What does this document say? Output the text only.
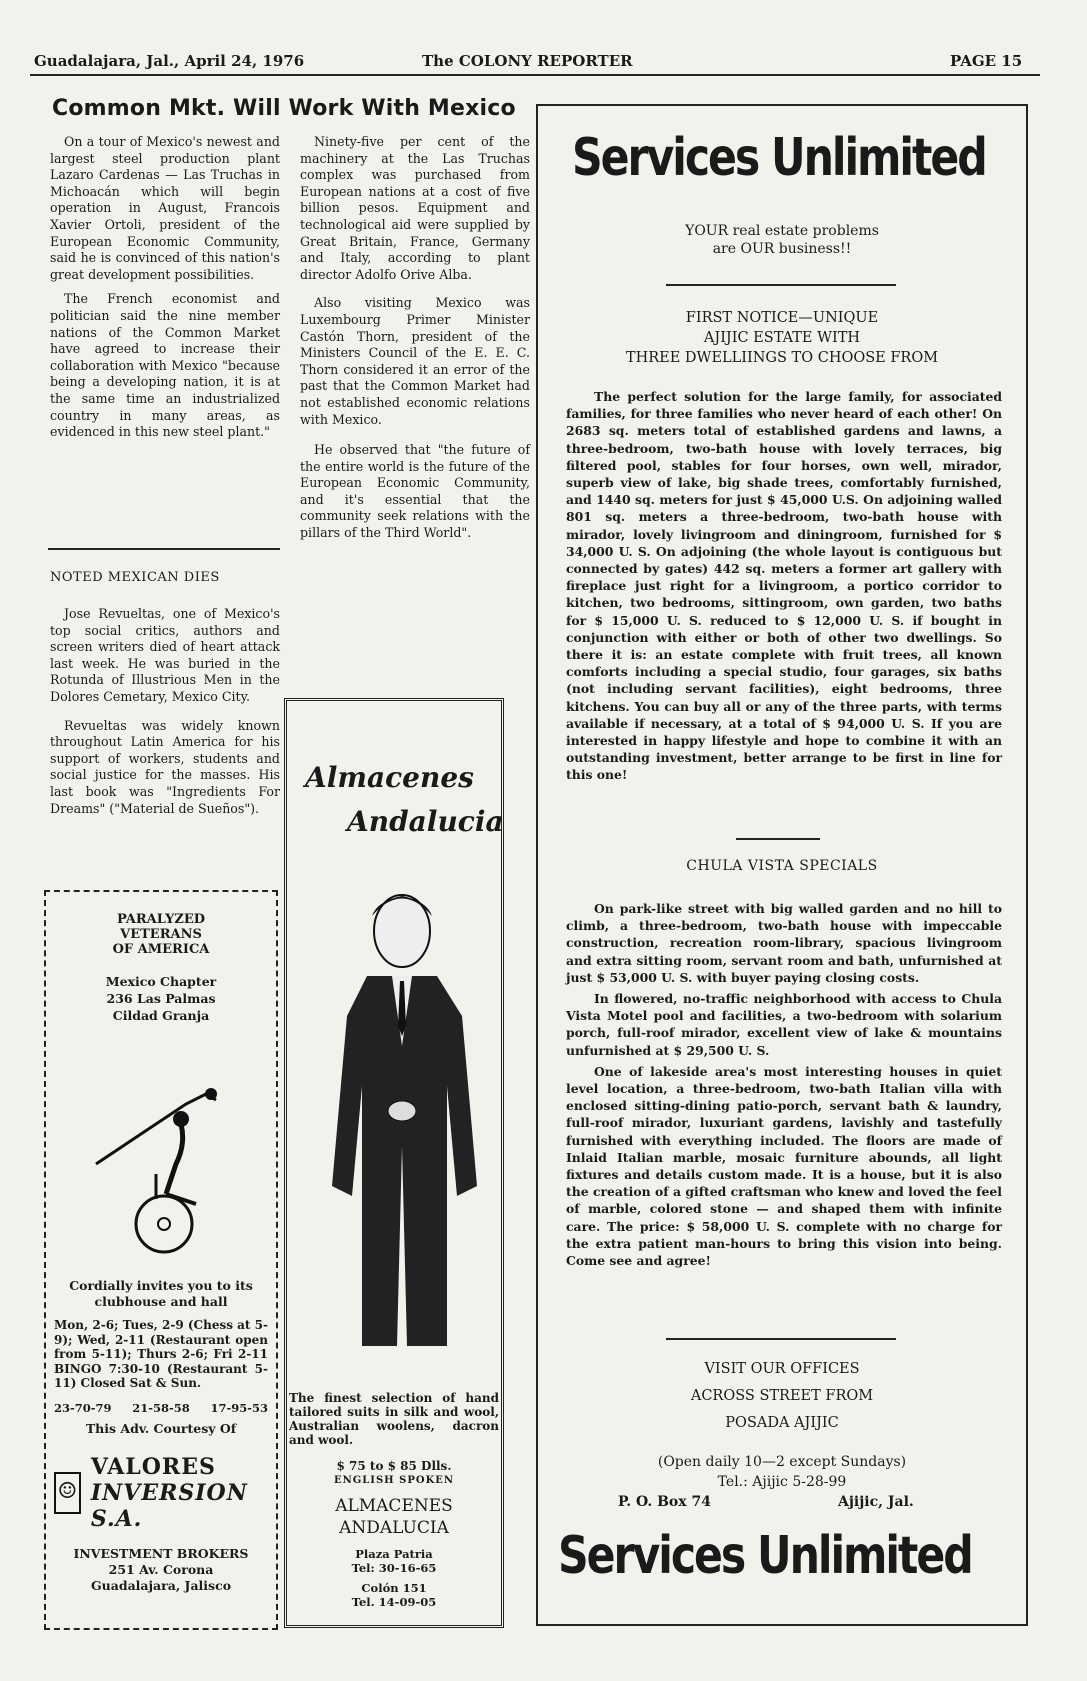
Guadalajara, Jal., April 24, 1976	The COLONY REPORTER	PAGE 15
Common Mkt. Will Work With Mexico

On a tour of Mexico's newest and largest steel production plant Lazaro Cardenas — Las Truchas in Michoacán which will begin operation in August, Francois Xavier Ortoli, president of the European Economic Community, said he is convinced of this nation's great development possibilities.

The French economist and politician said the nine member nations of the Common Market have agreed to increase their collaboration with Mexico "because being a developing nation, it is at the same time an industrialized country in many areas, as evidenced in this new steel plant."

Ninety-five per cent of the machinery at the Las Truchas complex was purchased from European nations at a cost of five billion pesos. Equipment and technological aid were supplied by Great Britain, France, Germany and Italy, according to plant director Adolfo Orive Alba.

Also visiting Mexico was Luxembourg Primer Minister Castón Thorn, president of the Ministers Council of the E. E. C. Thorn considered it an error of the past that the Common Market had not established economic relations with Mexico.

He observed that "the future of the entire world is the future of the European Economic Community, and it's essential that the community seek relations with the pillars of the Third World".

NOTED MEXICAN DIES

Jose Revueltas, one of Mexico's top social critics, authors and screen writers died of heart attack last week. He was buried in the Rotunda of Illustrious Men in the Dolores Cemetary, Mexico City.

Revueltas was widely known throughout Latin America for his support of workers, students and social justice for the masses. His last book was "Ingredients For Dreams" ("Material de Sueños").

PARALYZED
VETERANS
OF AMERICA
Mexico Chapter
236 Las Palmas
Cildad Granja
Cordially invites you to its clubhouse and hall
Mon, 2-6; Tues, 2-9 (Chess at 5-9); Wed, 2-11 (Restaurant open from 5-11); Thurs 2-6; Fri 2-11 BINGO 7:30-10 (Restaurant 5-11) Closed Sat & Sun.
23-70-79 21-58-58 17-95-53
This Adv. Courtesy Of
☺
VALORES
INVERSION S.A.
INVESTMENT BROKERS
251 Av. Corona
Guadalajara, Jalisco
Almacenes
Andalucia
The finest selection of hand tailored suits in silk and wool, Australian woolens, dacron and wool.
$ 75 to $ 85 Dlls.
ENGLISH SPOKEN
ALMACENES
ANDALUCIA
Plaza Patria
Tel: 30-16-65
Colón 151
Tel. 14-09-05
Services Unlimited
YOUR real estate problems
are OUR business!!
FIRST NOTICE—UNIQUE
AJIJIC ESTATE WITH
THREE DWELLIINGS TO CHOOSE FROM

The perfect solution for the large family, for associated families, for three families who never heard of each other! On 2683 sq. meters total of established gardens and lawns, a three-bedroom, two-bath house with lovely terraces, big filtered pool, stables for four horses, own well, mirador, superb view of lake, big shade trees, comfortably furnished, and 1440 sq. meters for just $ 45,000 U.S. On adjoining walled 801 sq. meters a three-bedroom, two-bath house with mirador, lovely livingroom and diningroom, furnished for $ 34,000 U. S. On adjoining (the whole layout is contiguous but connected by gates) 442 sq. meters a former art gallery with fireplace just right for a livingroom, a portico corridor to kitchen, two bedrooms, sittingroom, own garden, two baths for $ 15,000 U. S. reduced to $ 12,000 U. S. if bought in conjunction with either or both of other two dwellings. So there it is: an estate complete with fruit trees, all known comforts including a special studio, four garages, six baths (not including servant facilities), eight bedrooms, three kitchens. You can buy all or any of the three parts, with terms available if necessary, at a total of $ 94,000 U. S. If you are interested in happy lifestyle and hope to combine it with an outstanding investment, better arrange to be first in line for this one!

CHULA VISTA SPECIALS

On park-like street with big walled garden and no hill to climb, a three-bedroom, two-bath house with impeccable construction, recreation room-library, spacious livingroom and extra sitting room, servant room and bath, unfurnished at just $ 53,000 U. S. with buyer paying closing costs.

In flowered, no-traffic neighborhood with access to Chula Vista Motel pool and facilities, a two-bedroom with solarium porch, full-roof mirador, excellent view of lake & mountains unfurnished at $ 29,500 U. S.

One of lakeside area's most interesting houses in quiet level location, a three-bedroom, two-bath Italian villa with enclosed sitting-dining patio-porch, servant bath & laundry, full-roof mirador, luxuriant gardens, lavishly and tastefully furnished with everything included. The floors are made of Inlaid Italian marble, mosaic furniture abounds, all light fixtures and details custom made. It is a house, but it is also the creation of a gifted craftsman who knew and loved the feel of marble, colored stone — and shaped them with infinite care. The price: $ 58,000 U. S. complete with no charge for the extra patient man-hours to bring this vision into being. Come see and agree!

VISIT OUR OFFICES
ACROSS STREET FROM
POSADA AJIJIC
(Open daily 10—2 except Sundays)
Tel.: Ajijic 5-28-99
P. O. Box 74	Ajijic, Jal.
Services Unlimited
